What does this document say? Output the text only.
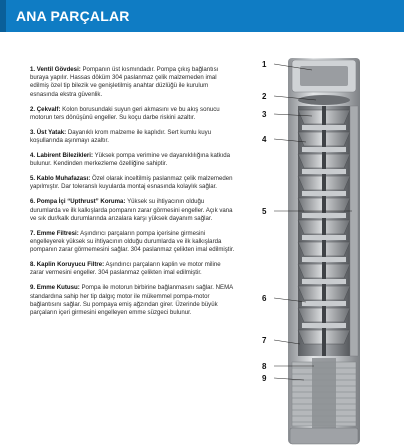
ANA PARÇALAR
1. Ventil Gövdesi: Pompanın üst kısmındadır. Pompa çıkış bağlantısı buraya yapılır. Hassas döküm 304 paslanmaz çelik malzemeden imal edilmiş özel tip bilezik ve genişletilmiş anahtar düzlüğü ile kurulum esnasında ekstra güvenlik.
2. Çekvalf: Kolon borusundaki suyun geri akmasını ve bu akış sonucu motorun ters dönüşünü engeller. Su koçu darbe riskini azaltır.
3. Üst Yatak: Dayanıklı krom malzeme ile kaplıdır. Sert kumlu kuyu koşullarında aşınmayı azaltır.
4. Labirent Bilezikleri: Yüksek pompa verimine ve dayanıklılığına katkıda bulunur. Kendinden merkezleme özelliğine sahiptir.
5. Kablo Muhafazası: Özel olarak inceltilmiş paslanmaz çelik malzemeden yapılmıştır. Dar toleranslı kuyularda montaj esnasında kolaylık sağlar.
6. Pompa İçi “Upthrust” Koruma: Yüksek su ihtiyacının olduğu durumlarda ve ilk kalkışlarda pompanın zarar görmesini engeller. Açık vana ve sık dur/kalk durumlarında arızalara karşı yüksek dayanım sağlar.
7. Emme Filtresi: Aşındırıcı parçaların pompa içerisine girmesini engelleyerek yüksek su ihtiyacının olduğu durumlarda ve ilk kalkışlarda pompanın zarar görmemesini sağlar. 304 paslanmaz çelikten imal edilmiştir.
8. Kaplin Koruyucu Filtre: Aşındırıcı parçaların kaplin ve motor miline zarar vermesini engeller. 304 paslanmaz çelikten imal edilmiştir.
9. Emme Kutusu: Pompa ile motorun birbirine bağlanmasını sağlar. NEMA standardına sahip her tip dalgıç motor ile mükemmel pompa-motor bağlantısını sağlar. Su pompaya emiş ağzından girer. Üzerinde büyük parçaların içeri girmesini engelleyen emme süzgeci bulunur.
1
2
3
4
5
6
7
8
9
